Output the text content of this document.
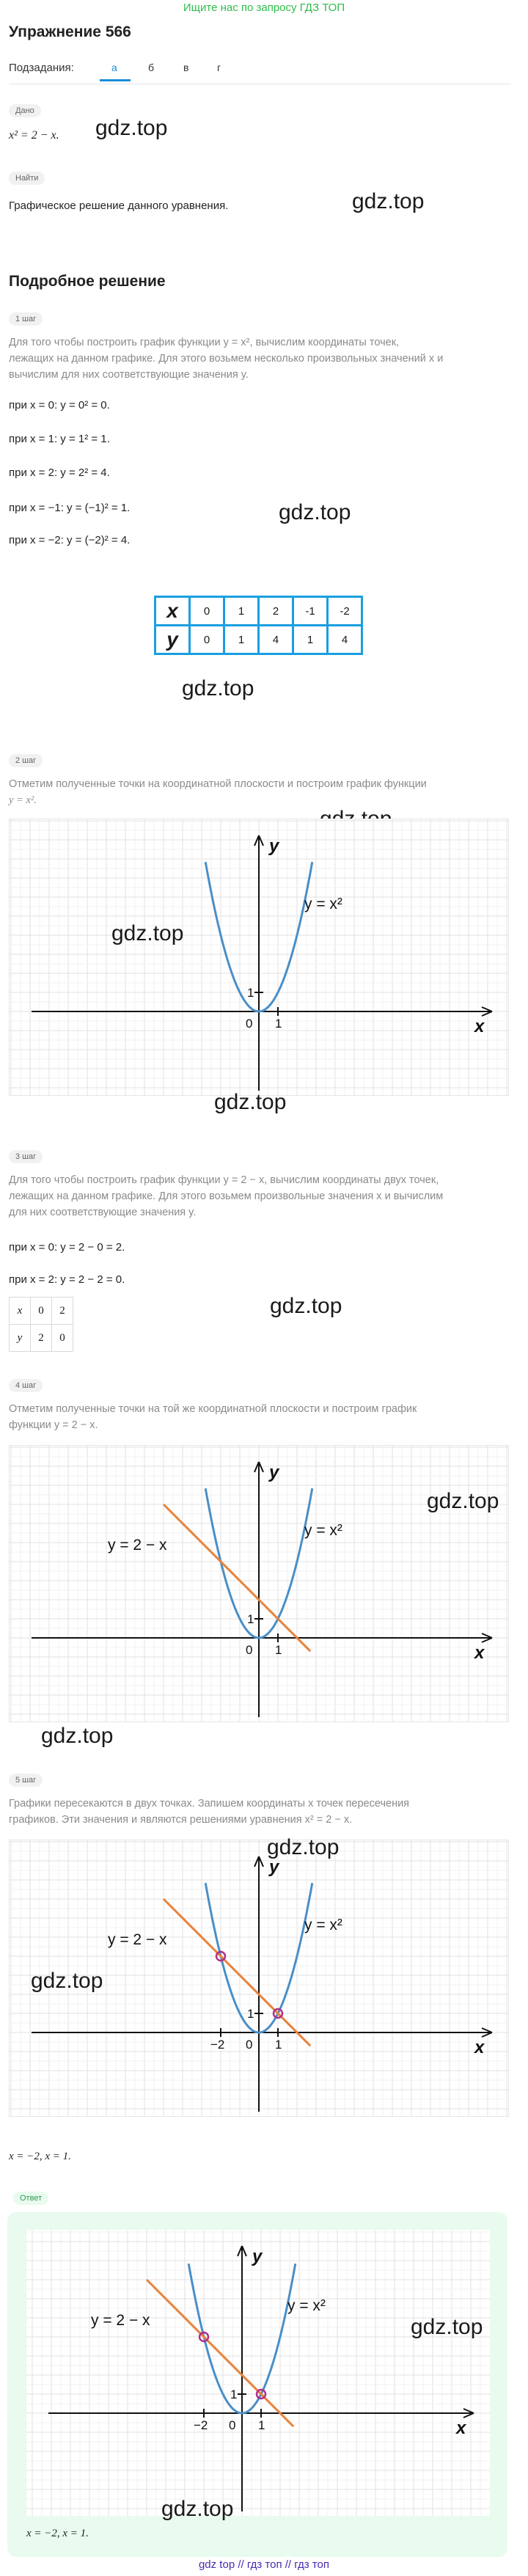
Ищите нас по запросу ГДЗ ТОП
Упражнение 566
Подзадания:	а	б	в	г
Дано
x² = 2 − x. gdz.top
Найти
Графическое решение данного уравнения.	gdz.top
Подробное решение
1 шаг
Для того чтобы построить график функции y = x², вычислим координаты точек,
лежащих на данном графике. Для этого возьмем несколько произвольных значений x и
вычислим для них соответствующие значения y.
при x = 0: y = 0² = 0.
при x = 1: y = 1² = 1.
при x = 2: y = 2² = 4.
при x = −1: y = (−1)² = 1.
при x = −2: y = (−2)² = 4.
gdz.top
x	0	1	2	-1	-2
y	0	1	4	1	4
gdz.top
2 шаг
Отметим полученные точки на координатной плоскости и построим график функции
y = x².
x
y
0 1
1
y = x²
gdz.top
gdz.top
3 шаг
Для того чтобы построить график функции y = 2 − x, вычислим координаты двух точек,
лежащих на данном графике. Для этого возьмем произвольные значения x и вычислим
для них соответствующие значения y.
при x = 0: y = 2 − 0 = 2.
при x = 2: y = 2 − 2 = 0.
x	0	2
y	2	0
gdz.top
4 шаг
Отметим полученные точки на той же координатной плоскости и построим график
функции y = 2 − x.
x
y
0 1
1
y = x²
y = 2 − x
gdz.top
gdz.top
5 шаг
Графики пересекаются в двух точках. Запишем координаты x точек пересечения
графиков. Эти значения и являются решениями уравнения x² = 2 − x.
x
y
0 1
1
−2
y = x²
y = 2 − x
gdz.top
gdz.top
x = −2, x = 1.
Ответ
x
y
0 1
1
−2
y = x²
y = 2 − x	gdz.top
gdz.top
x = −2, x = 1.
gdz top // гдз топ // гдз топ
